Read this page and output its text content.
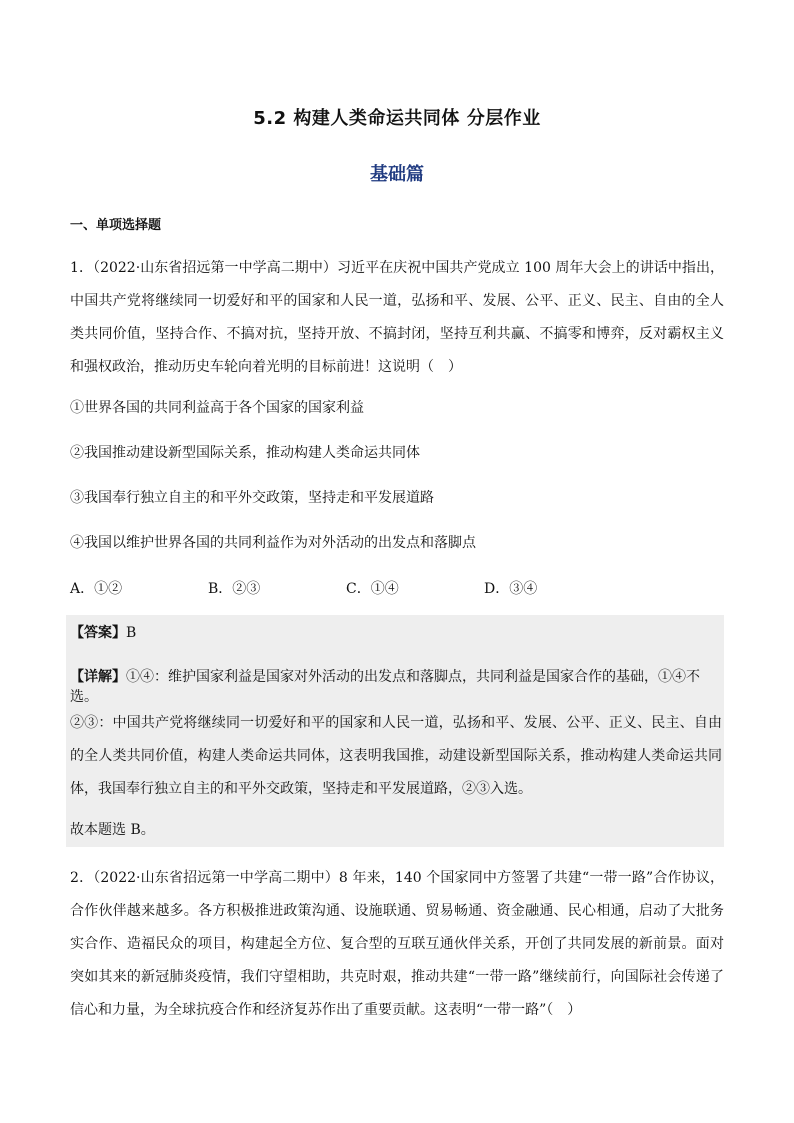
5.2 构建人类命运共同体 分层作业
基础篇
一、单项选择题

1．（2022·山东省招远第一中学高二期中）习近平在庆祝中国共产党成立 100 周年大会上的讲话中指出，中国共产党将继续同一切爱好和平的国家和人民一道，弘扬和平、发展、公平、正义、民主、自由的全人类共同价值，坚持合作、不搞对抗，坚持开放、不搞封闭，坚持互利共赢、不搞零和博弈，反对霸权主义和强权政治，推动历史车轮向着光明的目标前进！这说明（　）

①世界各国的共同利益高于各个国家的国家利益

②我国推动建设新型国际关系，推动构建人类命运共同体

③我国奉行独立自主的和平外交政策，坚持走和平发展道路

④我国以维护世界各国的共同利益作为对外活动的出发点和落脚点

A．①②	B．②③	C．①④	D．③④
【答案】B
【详解】①④：维护国家利益是国家对外活动的出发点和落脚点，共同利益是国家合作的基础，①④不选。

②③：中国共产党将继续同一切爱好和平的国家和人民一道，弘扬和平、发展、公平、正义、民主、自由的全人类共同价值，构建人类命运共同体，这表明我国推，动建设新型国际关系，推动构建人类命运共同体，我国奉行独立自主的和平外交政策，坚持走和平发展道路，②③入选。

故本题选 B。

2．（2022·山东省招远第一中学高二期中）8 年来，140 个国家同中方签署了共建“一带一路”合作协议，合作伙伴越来越多。各方积极推进政策沟通、设施联通、贸易畅通、资金融通、民心相通，启动了大批务实合作、造福民众的项目，构建起全方位、复合型的互联互通伙伴关系，开创了共同发展的新前景。面对突如其来的新冠肺炎疫情，我们守望相助，共克时艰，推动共建“一带一路”继续前行，向国际社会传递了信心和力量，为全球抗疫合作和经济复苏作出了重要贡献。这表明“一带一路”（　）
